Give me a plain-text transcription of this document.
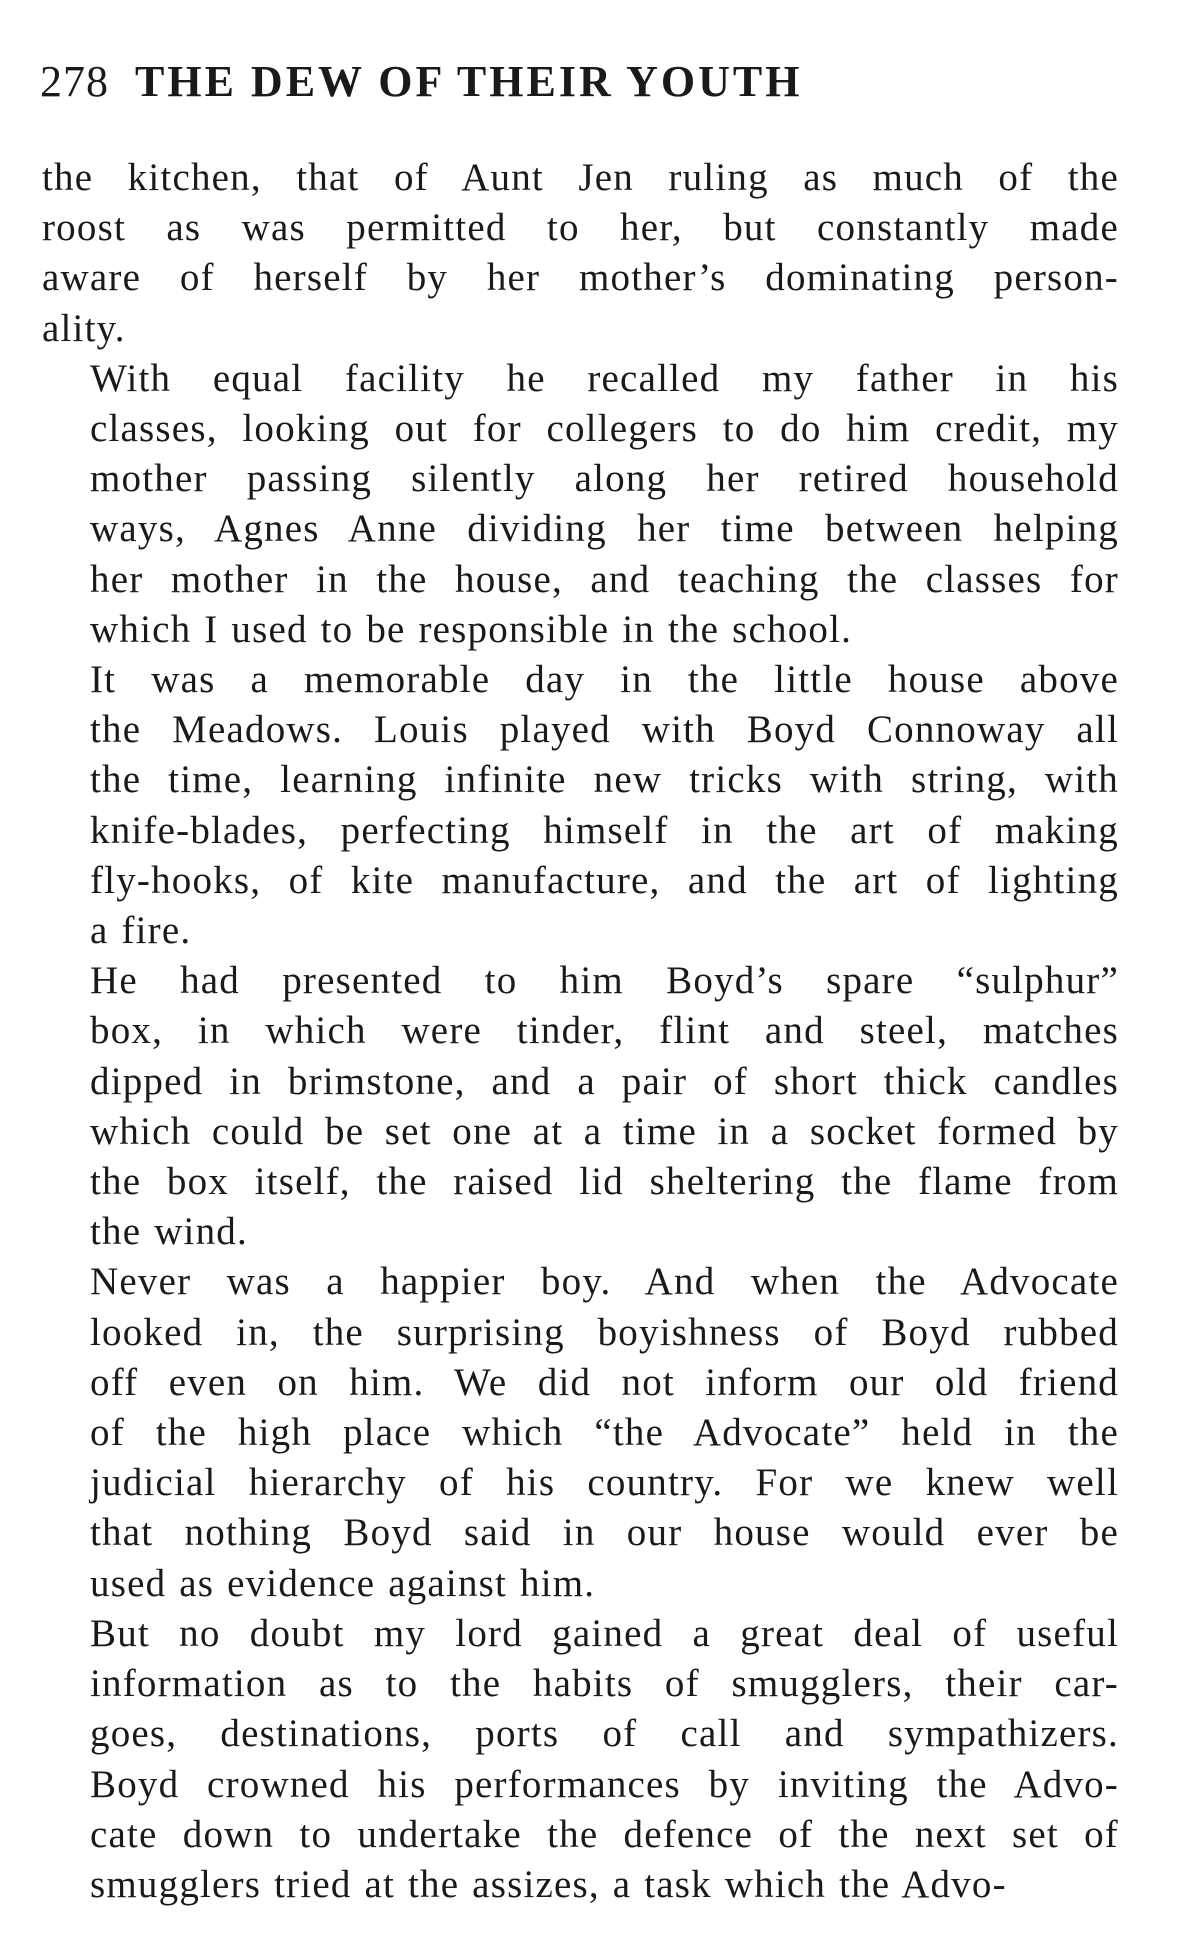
278 THE DEW OF THEIR YOUTH

the kitchen, that of Aunt Jen ruling as much of the
roost as was permitted to her, but constantly made
aware of herself by her mother’s dominating person-
ality.

With equal facility he recalled my father in his
classes, looking out for collegers to do him credit, my
mother passing silently along her retired household
ways, Agnes Anne dividing her time between helping
her mother in the house, and teaching the classes for
which I used to be responsible in the school.

It was a memorable day in the little house above
the Meadows. Louis played with Boyd Connoway all
the time, learning infinite new tricks with string, with
knife-blades, perfecting himself in the art of making
fly-hooks, of kite manufacture, and the art of lighting
a fire.

He had presented to him Boyd’s spare “sulphur”
box, in which were tinder, flint and steel, matches
dipped in brimstone, and a pair of short thick candles
which could be set one at a time in a socket formed by
the box itself, the raised lid sheltering the flame from
the wind.

Never was a happier boy. And when the Advocate
looked in, the surprising boyishness of Boyd rubbed
off even on him. We did not inform our old friend
of the high place which “the Advocate” held in the
judicial hierarchy of his country. For we knew well
that nothing Boyd said in our house would ever be
used as evidence against him.

But no doubt my lord gained a great deal of useful
information as to the habits of smugglers, their car-
goes, destinations, ports of call and sympathizers.
Boyd crowned his performances by inviting the Advo-
cate down to undertake the defence of the next set of
smugglers tried at the assizes, a task which the Advo-
